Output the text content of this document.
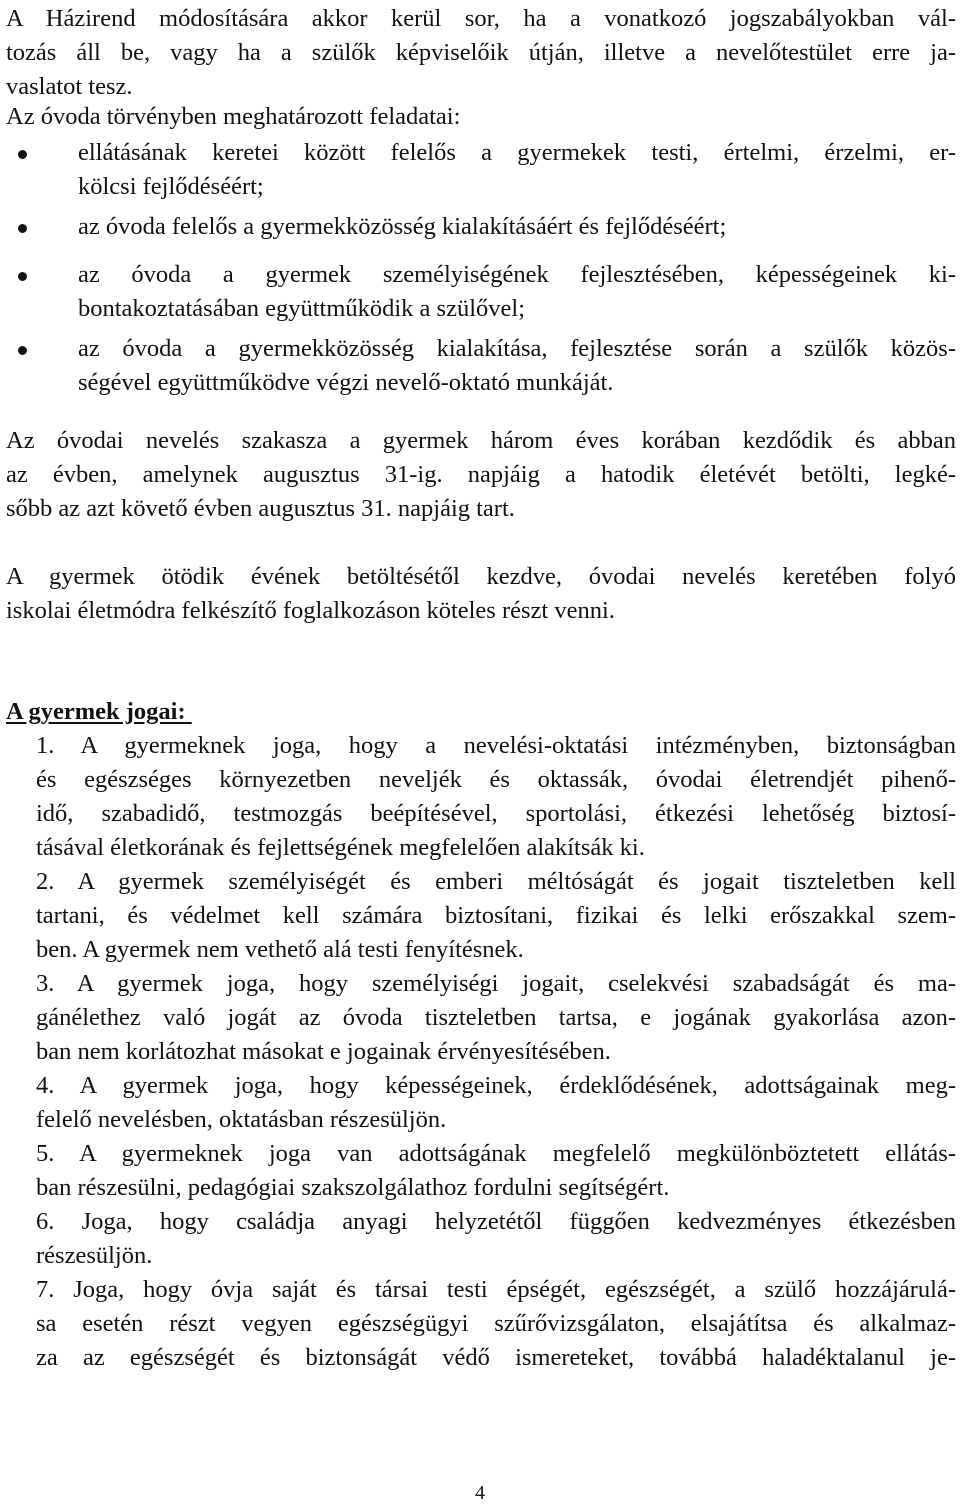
A Házirend módosítására akkor kerül sor, ha a vonatkozó jogszabályokban vál-
tozás áll be, vagy ha a szülők képviselőik útján, illetve a nevelőtestület erre ja-
vaslatot tesz.
Az óvoda törvényben meghatározott feladatai:
ellátásának keretei között felelős a gyermekek testi, értelmi, érzelmi, er-
kölcsi fejlődéséért;
az óvoda felelős a gyermekközösség kialakításáért és fejlődéséért;
az óvoda a gyermek személyiségének fejlesztésében, képességeinek ki-
bontakoztatásában együttműködik a szülővel;
az óvoda a gyermekközösség kialakítása, fejlesztése során a szülők közös-
ségével együttműködve végzi nevelő-oktató munkáját.
Az óvodai nevelés szakasza a gyermek három éves korában kezdődik és abban
az évben, amelynek augusztus 31-ig. napjáig a hatodik életévét betölti, legké-
sőbb az azt követő évben augusztus 31. napjáig tart.
A gyermek ötödik évének betöltésétől kezdve, óvodai nevelés keretében folyó
iskolai életmódra felkészítő foglalkozáson köteles részt venni.
A gyermek jogai:
1. A gyermeknek joga, hogy a nevelési-oktatási intézményben, biztonságban
és egészséges környezetben neveljék és oktassák, óvodai életrendjét pihenő-
idő, szabadidő, testmozgás beépítésével, sportolási, étkezési lehetőség biztosí-
tásával életkorának és fejlettségének megfelelően alakítsák ki.
2. A gyermek személyiségét és emberi méltóságát és jogait tiszteletben kell
tartani, és védelmet kell számára biztosítani, fizikai és lelki erőszakkal szem-
ben. A gyermek nem vethető alá testi fenyítésnek.
3. A gyermek joga, hogy személyiségi jogait, cselekvési szabadságát és ma-
gánélethez való jogát az óvoda tiszteletben tartsa, e jogának gyakorlása azon-
ban nem korlátozhat másokat e jogainak érvényesítésében.
4. A gyermek joga, hogy képességeinek, érdeklődésének, adottságainak meg-
felelő nevelésben, oktatásban részesüljön.
5. A gyermeknek joga van adottságának megfelelő megkülönböztetett ellátás-
ban részesülni, pedagógiai szakszolgálathoz fordulni segítségért.
6. Joga, hogy családja anyagi helyzetétől függően kedvezményes étkezésben
részesüljön.
7. Joga, hogy óvja saját és társai testi épségét, egészségét, a szülő hozzájárulá-
sa esetén részt vegyen egészségügyi szűrővizsgálaton, elsajátítsa és alkalmaz-
za az egészségét és biztonságát védő ismereteket, továbbá haladéktalanul je-
4
